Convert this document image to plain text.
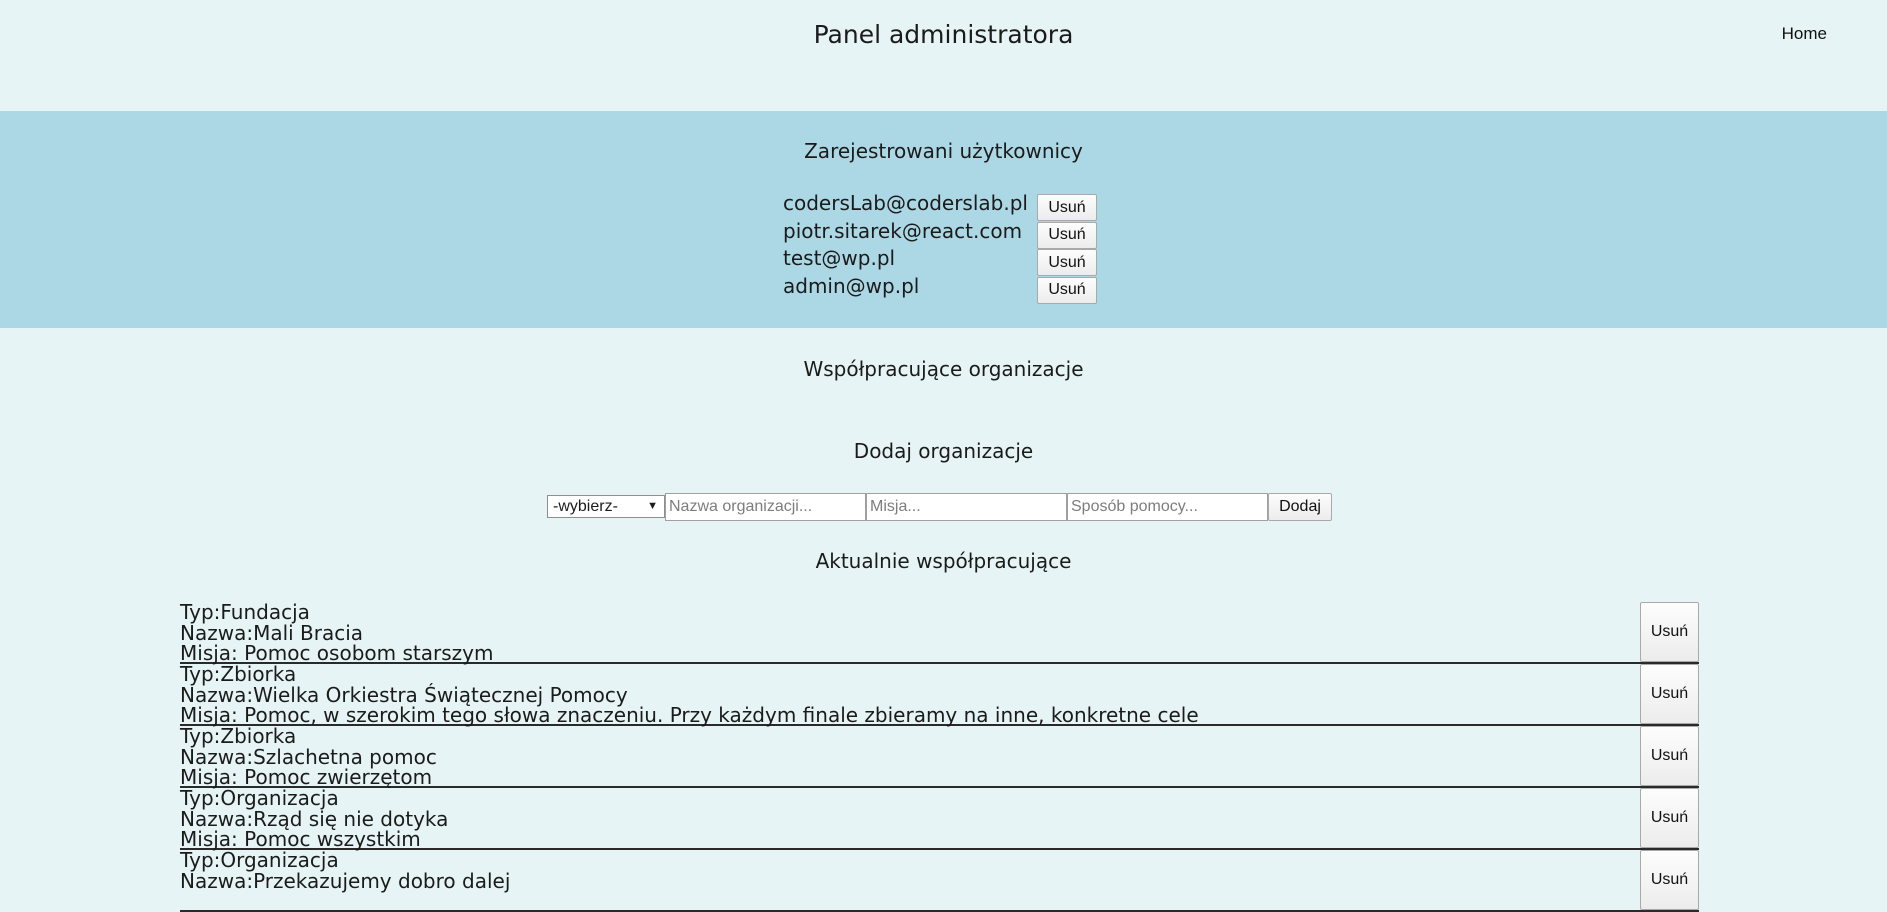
Panel administratora	Home
Zarejestrowani użytkownicy
codersLab@coderslab.pl	Usuń
piotr.sitarek@react.com	Usuń
test@wp.pl	Usuń
admin@wp.pl	Usuń
Współpracujące organizacje
Dodaj organizacje
-wybierz-	▼
Nazwa organizacji...
Misja...
Sposób pomocy...	Dodaj
Aktualnie współpracujące
Typ:Fundacja
Nazwa:Mali Bracia
Misja: Pomoc osobom starszym
Usuń
Typ:Zbiorka
Nazwa:Wielka Orkiestra Świątecznej Pomocy
Misja: Pomoc, w szerokim tego słowa znaczeniu. Przy każdym finale zbieramy na inne, konkretne cele
Usuń
Typ:Zbiorka
Nazwa:Szlachetna pomoc
Misja: Pomoc zwierzętom
Usuń
Typ:Organizacja
Nazwa:Rząd się nie dotyka
Misja: Pomoc wszystkim
Usuń
Typ:Organizacja
Nazwa:Przekazujemy dobro dalej	Usuń
